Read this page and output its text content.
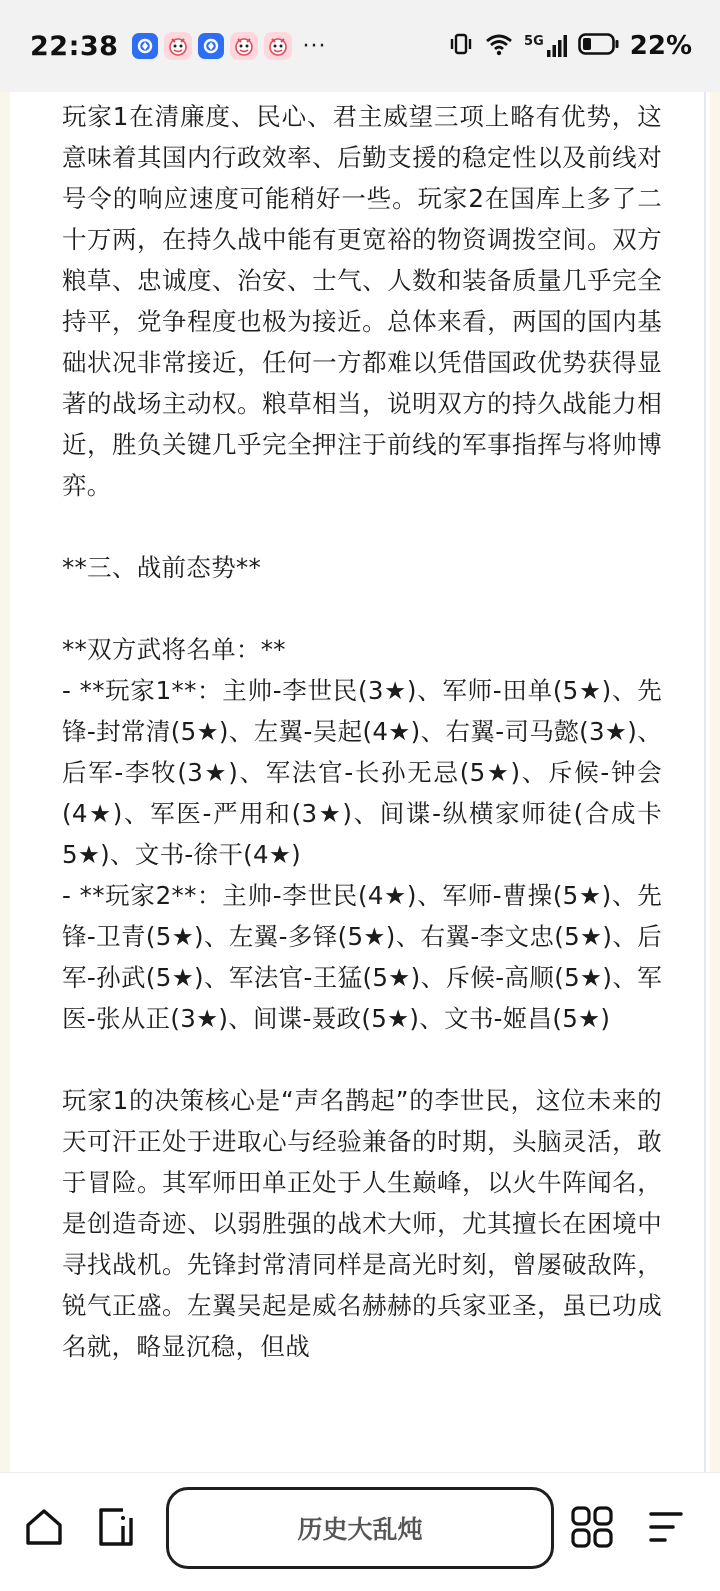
22:38	···	5G	22%

玩家1在清廉度、民心、君主威望三项上略有优势，这意味着其国内行政效率、后勤支援的稳定性以及前线对号令的响应速度可能稍好一些。玩家2在国库上多了二十万两，在持久战中能有更宽裕的物资调拨空间。双方粮草、忠诚度、治安、士气、人数和装备质量几乎完全持平，党争程度也极为接近。总体来看，两国的国内基础状况非常接近，任何一方都难以凭借国政优势获得显著的战场主动权。粮草相当，说明双方的持久战能力相近，胜负关键几乎完全押注于前线的军事指挥与将帅博弈。

**三、战前态势**

**双方武将名单：**

- **玩家1**：主帅-李世民(3★)、军师-田单(5★)、先锋-封常清(5★)、左翼-吴起(4★)、右翼-司马懿(3★)、后军-李牧(3★)、军法官-长孙无忌(5★)、斥候-钟会(4★)、军医-严用和(3★)、间谍-纵横家师徒(合成卡5★)、文书-徐干(4★)

- **玩家2**：主帅-李世民(4★)、军师-曹操(5★)、先锋-卫青(5★)、左翼-多铎(5★)、右翼-李文忠(5★)、后军-孙武(5★)、军法官-王猛(5★)、斥候-高顺(5★)、军医-张从正(3★)、间谍-聂政(5★)、文书-姬昌(5★)

玩家1的决策核心是“声名鹊起”的李世民，这位未来的天可汗正处于进取心与经验兼备的时期，头脑灵活，敢于冒险。其军师田单正处于人生巅峰，以火牛阵闻名，是创造奇迹、以弱胜强的战术大师，尤其擅长在困境中寻找战机。先锋封常清同样是高光时刻，曾屡破敌阵，锐气正盛。左翼吴起是威名赫赫的兵家亚圣，虽已功成名就，略显沉稳，但战

历史大乱炖
